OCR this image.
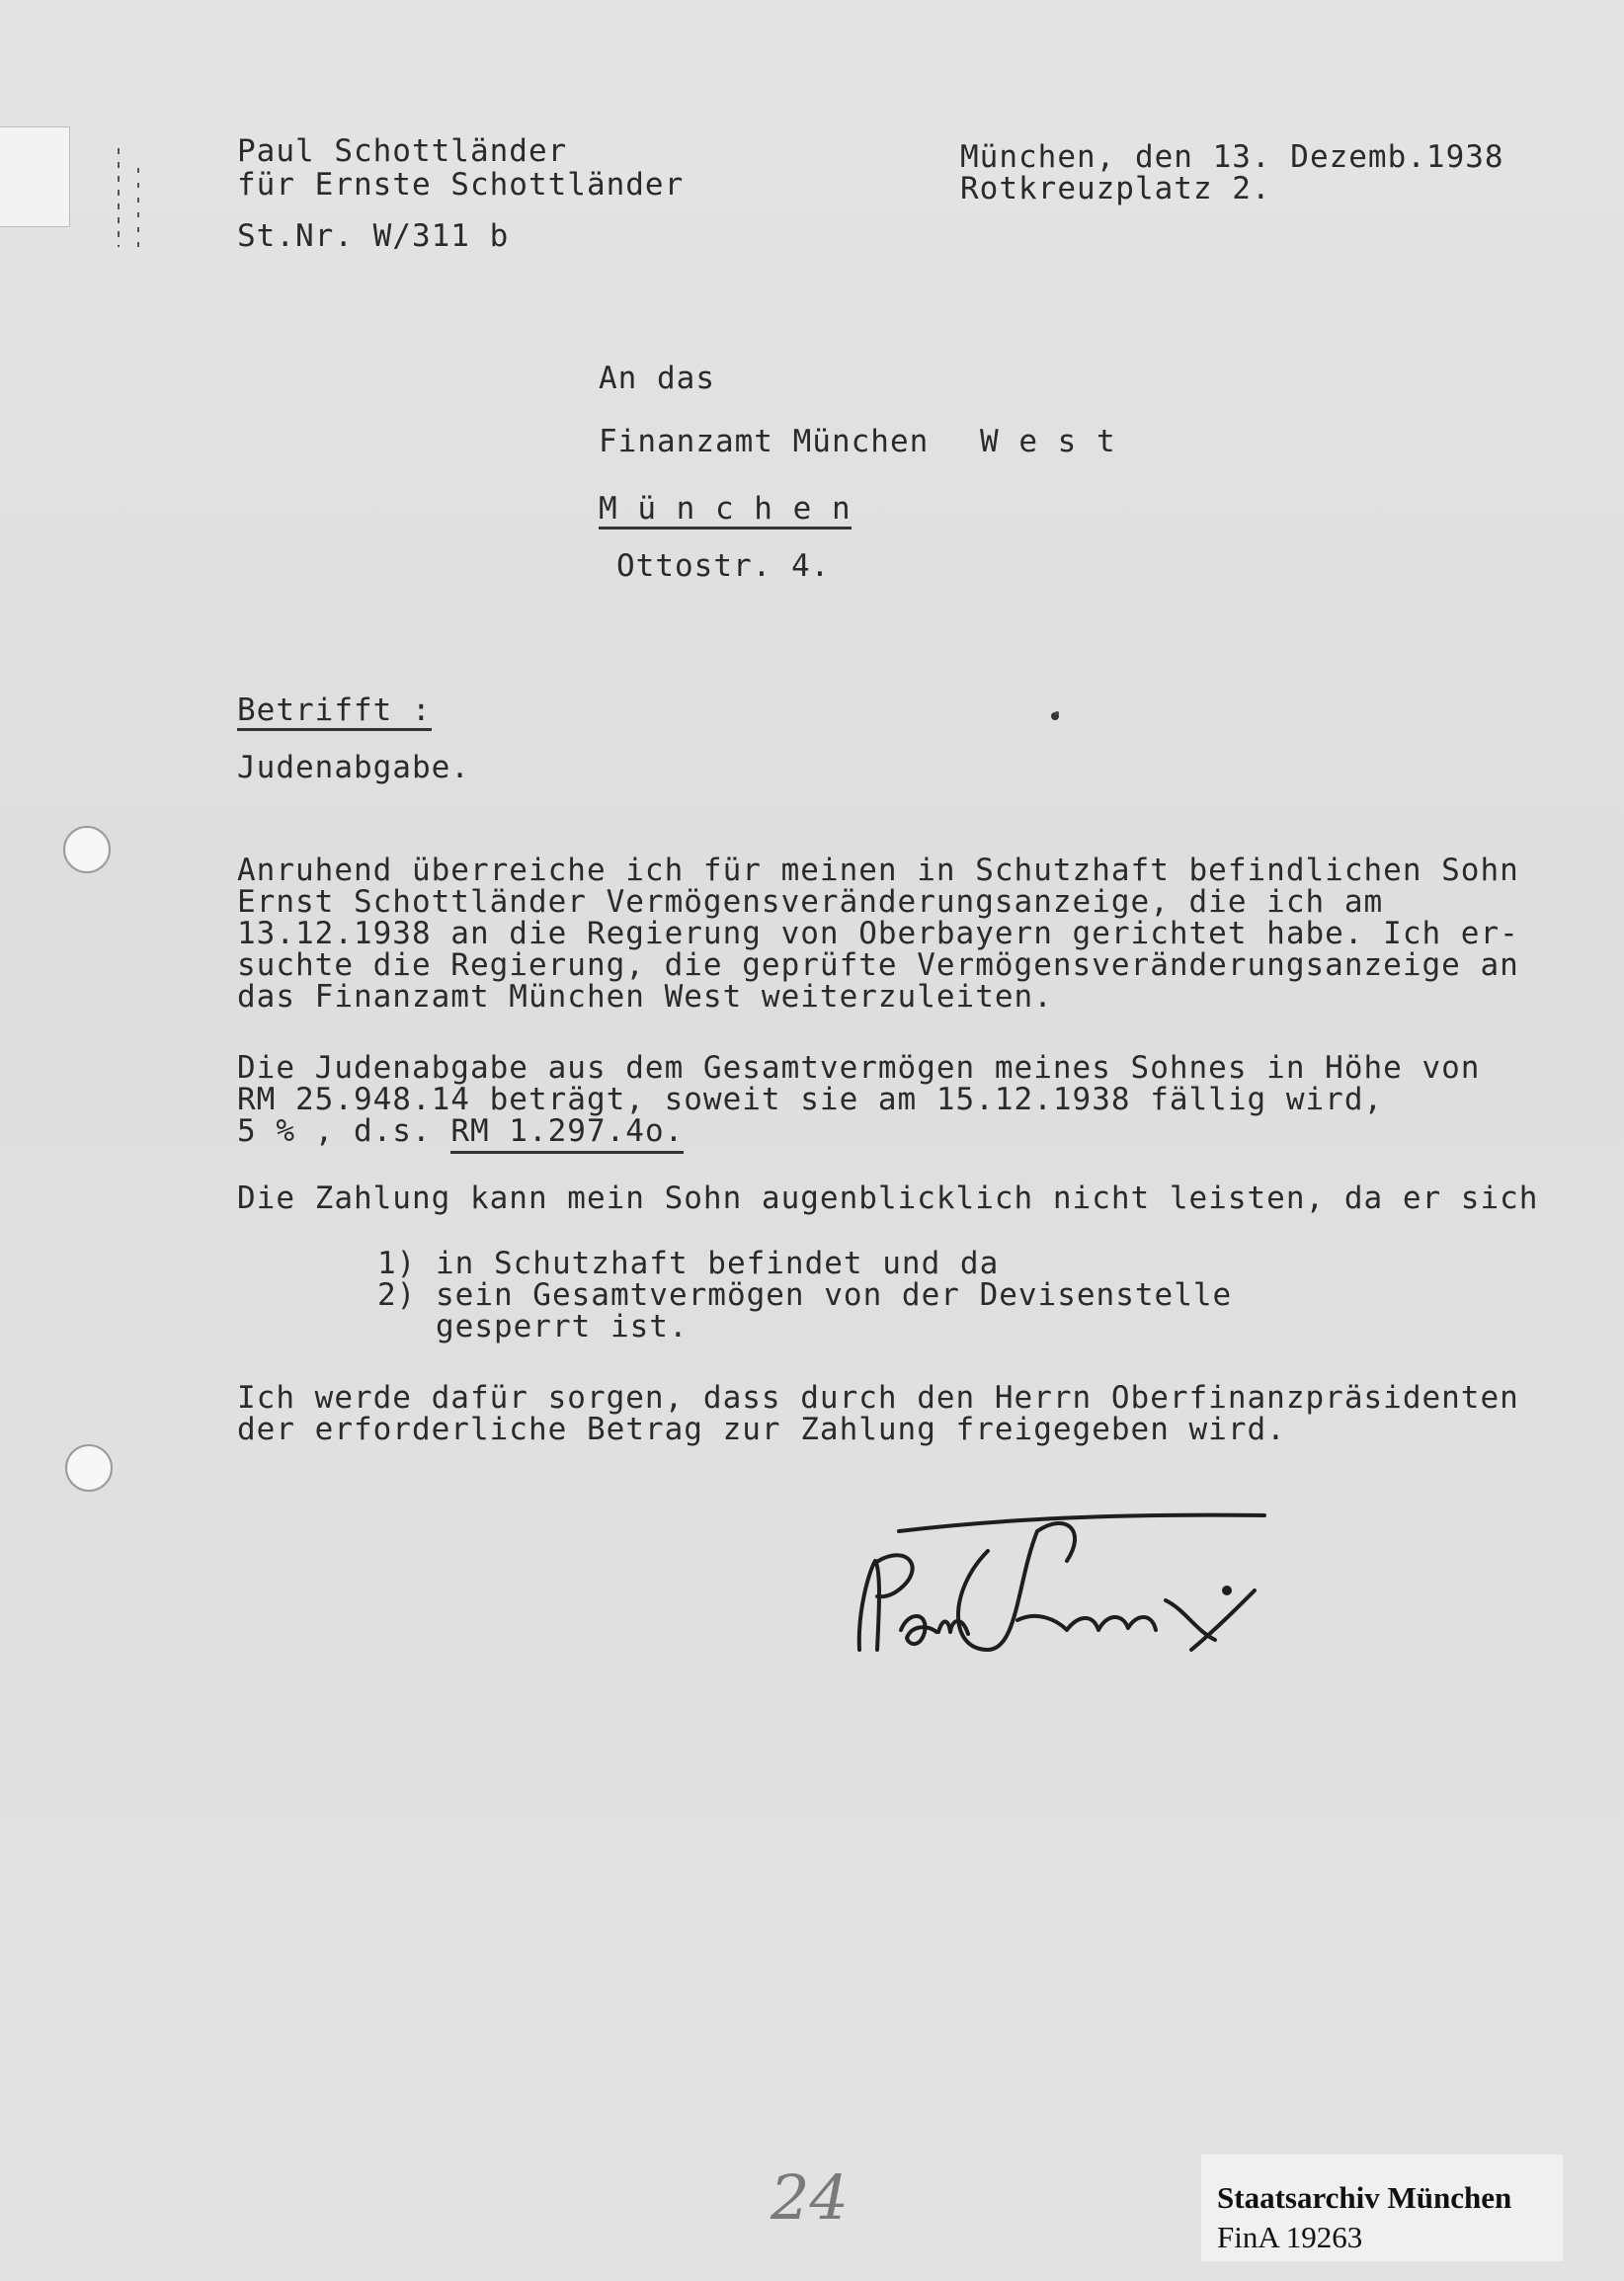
Paul Schottländer
für Ernste Schottländer
St.Nr. W/311 b
München, den 13. Dezemb.1938
Rotkreuzplatz 2.
An das
Finanzamt München W e s t
M ü n c h e n
Ottostr. 4.
Betrifft :
Judenabgabe.
Anruhend überreiche ich für meinen in Schutzhaft befindlichen Sohn
Ernst Schottländer Vermögensveränderungsanzeige, die ich am
13.12.1938 an die Regierung von Oberbayern gerichtet habe. Ich er-
suchte die Regierung, die geprüfte Vermögensveränderungsanzeige an
das Finanzamt München West weiterzuleiten.
Die Judenabgabe aus dem Gesamtvermögen meines Sohnes in Höhe von
RM 25.948.14 beträgt, soweit sie am 15.12.1938 fällig wird,
5 % , d.s. RM 1.297.4o.
Die Zahlung kann mein Sohn augenblicklich nicht leisten, da er sich
1) in Schutzhaft befindet und da
2) sein Gesamtvermögen von der Devisenstelle
gesperrt ist.
Ich werde dafür sorgen, dass durch den Herrn Oberfinanzpräsidenten
der erforderliche Betrag zur Zahlung freigegeben wird.
24	Staatsarchiv München
FinA 19263
